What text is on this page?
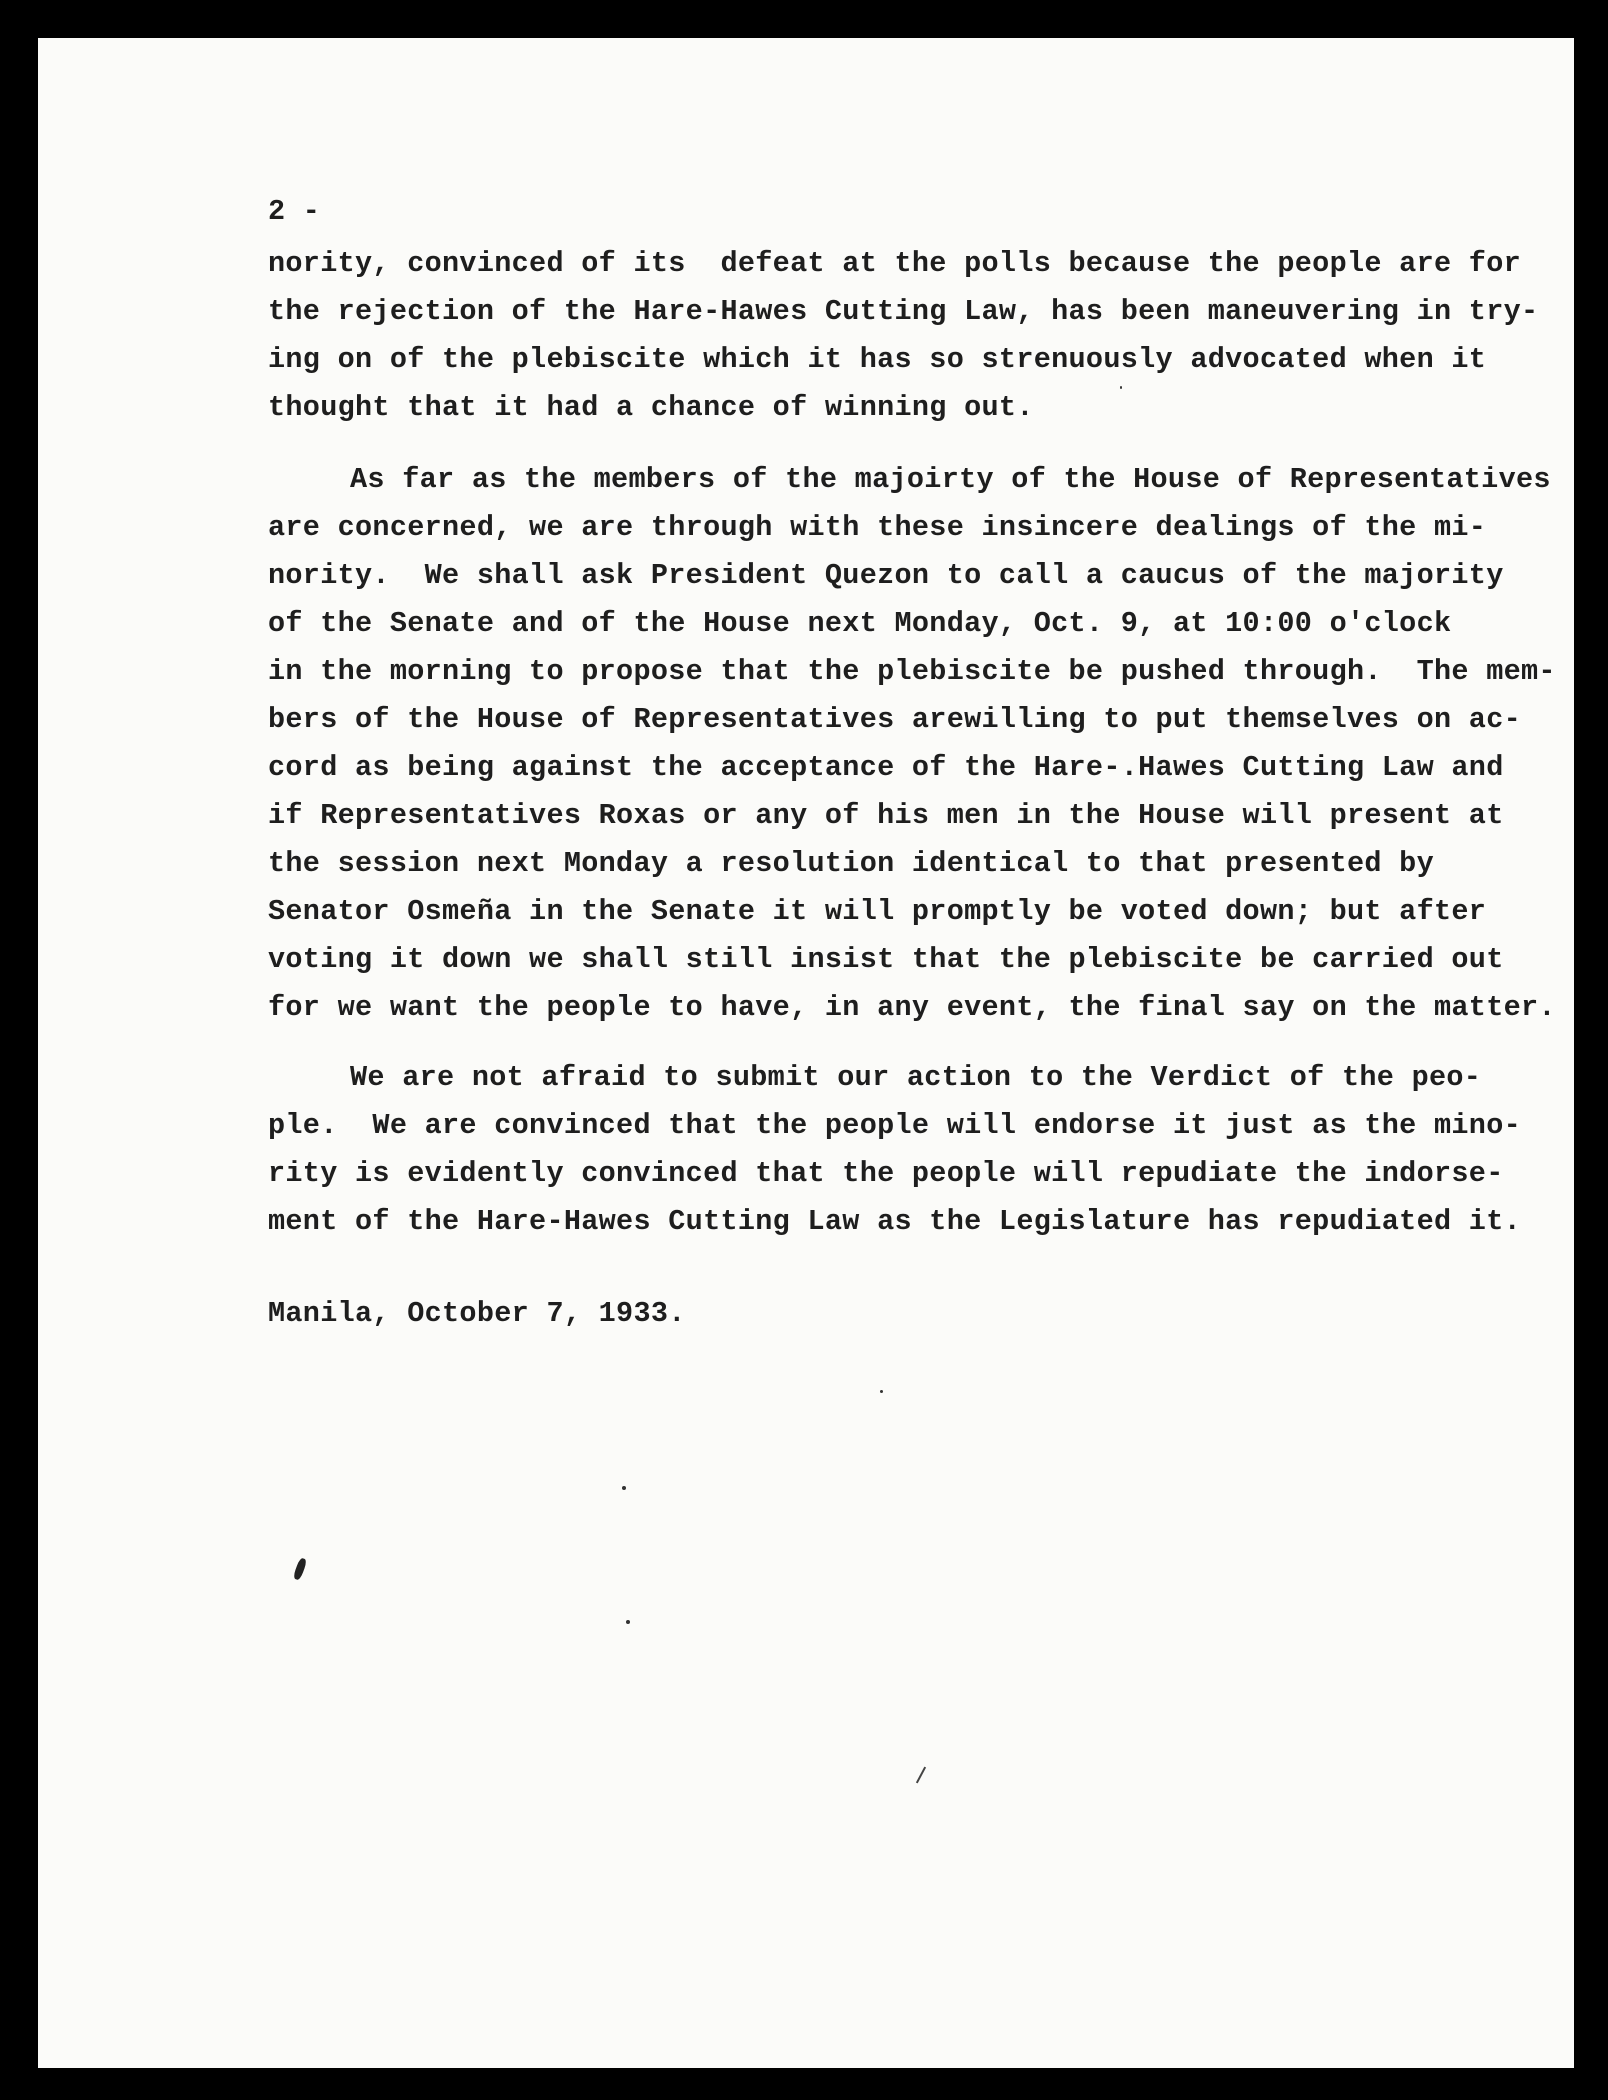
2 -
nority, convinced of its  defeat at the polls because the people are for
the rejection of the Hare-Hawes Cutting Law, has been maneuvering in try-
ing on of the plebiscite which it has so strenuously advocated when it
thought that it had a chance of winning out.
As far as the members of the majoirty of the House of Representatives
are concerned, we are through with these insincere dealings of the mi-
nority.  We shall ask President Quezon to call a caucus of the majority
of the Senate and of the House next Monday, Oct. 9, at 10:00 o'clock
in the morning to propose that the plebiscite be pushed through.  The mem-
bers of the House of Representatives arewilling to put themselves on ac-
cord as being against the acceptance of the Hare-.Hawes Cutting Law and
if Representatives Roxas or any of his men in the House will present at
the session next Monday a resolution identical to that presented by
Senator Osmeña in the Senate it will promptly be voted down; but after
voting it down we shall still insist that the plebiscite be carried out
for we want the people to have, in any event, the final say on the matter.
We are not afraid to submit our action to the Verdict of the peo-
ple.  We are convinced that the people will endorse it just as the mino-
rity is evidently convinced that the people will repudiate the indorse-
ment of the Hare-Hawes Cutting Law as the Legislature has repudiated it.
Manila, October 7, 1933.
